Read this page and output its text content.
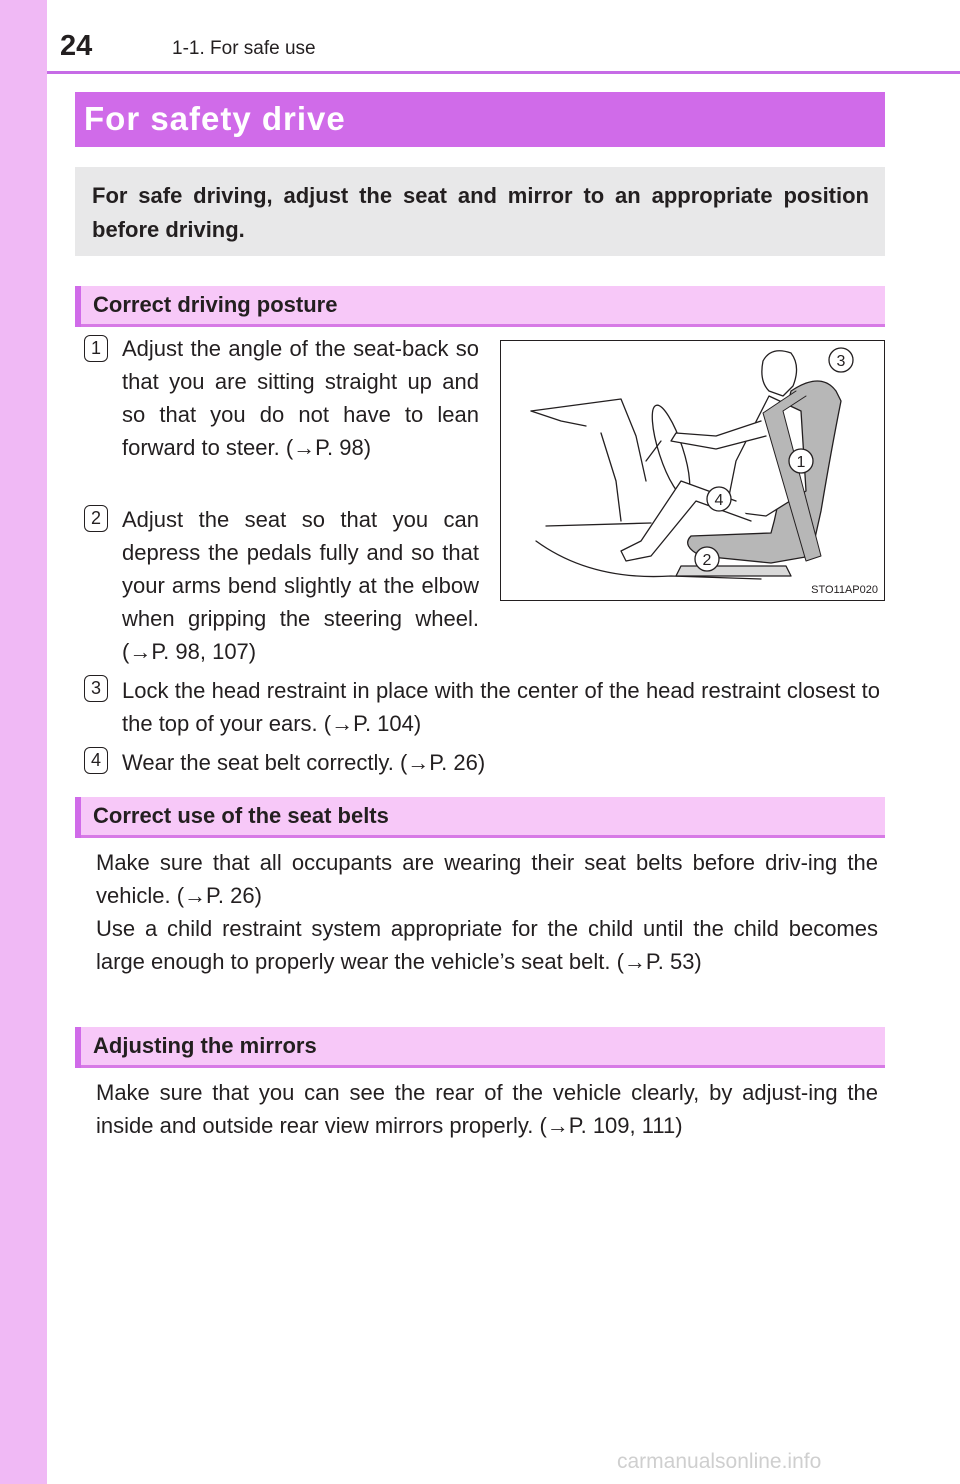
24	1-1. For safe use
For safety drive
For safe driving, adjust the seat and mirror to an appropriate position before driving.
Correct driving posture
1 Adjust the angle of the seat-back so that you are sitting straight up and so that you do not have to lean forward to steer. (→P. 98)
2 Adjust the seat so that you can depress the pedals fully and so that your arms bend slightly at the elbow when gripping the steering wheel. (→P. 98, 107)
3 Lock the head restraint in place with the center of the head restraint closest to the top of your ears. (→P. 104)
4 Wear the seat belt correctly. (→P. 26)
3
1
4
2
STO11AP020
Correct use of the seat belts
Make sure that all occupants are wearing their seat belts before driv-ing the vehicle. (→P. 26)
Use a child restraint system appropriate for the child until the child becomes large enough to properly wear the vehicle’s seat belt. (→P. 53)
Adjusting the mirrors
Make sure that you can see the rear of the vehicle clearly, by adjust-ing the inside and outside rear view mirrors properly. (→P. 109, 111)
carmanualsonline.info
